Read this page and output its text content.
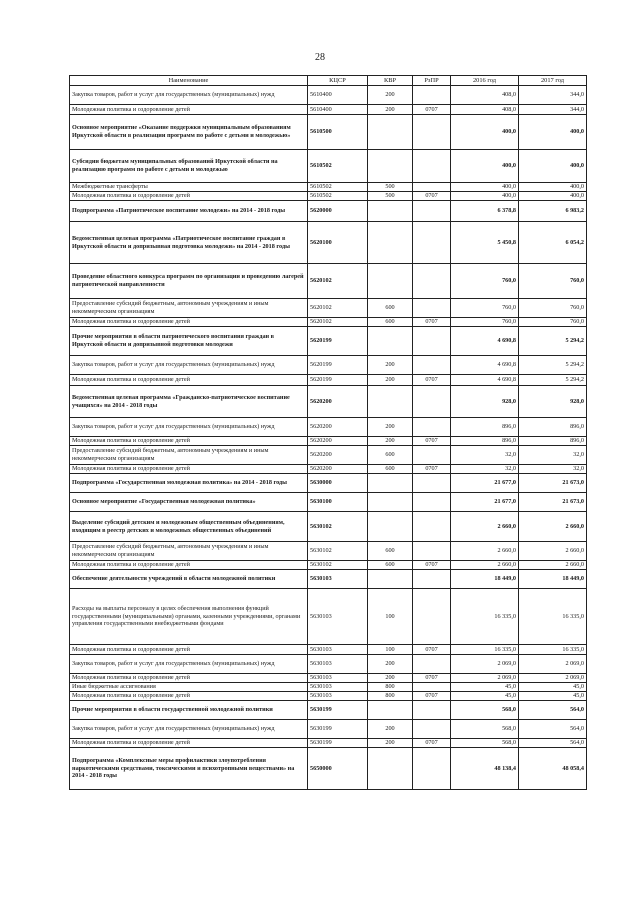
28
Наименование	КЦСР	КВР	РзПР	2016 год	2017 год
Закупка товаров, работ и услуг для государственных (муниципальных) нужд	5610400	200		408,0	344,0
Молодежная политика и оздоровление детей	5610400	200	0707	408,0	344,0
Основное мероприятие «Оказание поддержки муниципальным образованиям Иркутской области в реализации программ по работе с детьми и молодежью»	5610500			400,0	400,0
Субсидии бюджетам муниципальных образований Иркутской области на реализацию программ по работе с детьми и молодежью	5610502			400,0	400,0
Межбюджетные трансферты	5610502	500		400,0	400,0
Молодежная политика и оздоровление детей	5610502	500	0707	400,0	400,0
Подпрограмма «Патриотическое воспитание молодежи» на 2014 - 2018 годы	5620000			6 378,8	6 983,2
Ведомственная целевая программа «Патриотическое воспитание граждан в Иркутской области и допризывная подготовка молодежи» на 2014 - 2018 годы	5620100			5 450,8	6 054,2
Проведение областного конкурса программ по организации и проведению лагерей патриотической направленности	5620102			760,0	760,0
Предоставление субсидий бюджетным, автономным учреждениям и иным некоммерческим организациям	5620102	600		760,0	760,0
Молодежная политика и оздоровление детей	5620102	600	0707	760,0	760,0
Прочие мероприятия в области патриотического воспитания граждан в Иркутской области и допризывной подготовки молодежи	5620199			4 690,8	5 294,2
Закупка товаров, работ и услуг для государственных (муниципальных) нужд	5620199	200		4 690,8	5 294,2
Молодежная политика и оздоровление детей	5620199	200	0707	4 690,8	5 294,2
Ведомственная целевая программа «Гражданско-патриотическое воспитание учащихся» на 2014 - 2018 годы	5620200			928,0	928,0
Закупка товаров, работ и услуг для государственных (муниципальных) нужд	5620200	200		896,0	896,0
Молодежная политика и оздоровление детей	5620200	200	0707	896,0	896,0
Предоставление субсидий бюджетным, автономным учреждениям и иным некоммерческим организациям	5620200	600		32,0	32,0
Молодежная политика и оздоровление детей	5620200	600	0707	32,0	32,0
Подпрограмма «Государственная молодежная политика» на 2014 - 2018 годы	5630000			21 677,0	21 673,0
Основное мероприятие «Государственная молодежная политика»	5630100			21 677,0	21 673,0
Выделение субсидий детским и молодежным общественным объединениям, входящим в реестр детских и молодежных общественных объединений	5630102			2 660,0	2 660,0
Предоставление субсидий бюджетным, автономным учреждениям и иным некоммерческим организациям	5630102	600		2 660,0	2 660,0
Молодежная политика и оздоровление детей	5630102	600	0707	2 660,0	2 660,0
Обеспечение деятельности учреждений в области молодежной политики	5630103			18 449,0	18 449,0
Расходы на выплаты персоналу в целях обеспечения выполнения функций государственными (муниципальными) органами, казенными учреждениями, органами управления государственными внебюджетными фондами	5630103	100		16 335,0	16 335,0
Молодежная политика и оздоровление детей	5630103	100	0707	16 335,0	16 335,0
Закупка товаров, работ и услуг для государственных (муниципальных) нужд	5630103	200		2 069,0	2 069,0
Молодежная политика и оздоровление детей	5630103	200	0707	2 069,0	2 069,0
Иные бюджетные ассигнования	5630103	800		45,0	45,0
Молодежная политика и оздоровление детей	5630103	800	0707	45,0	45,0
Прочие мероприятия в области государственной молодежной политики	5630199			568,0	564,0
Закупка товаров, работ и услуг для государственных (муниципальных) нужд	5630199	200		568,0	564,0
Молодежная политика и оздоровление детей	5630199	200	0707	568,0	564,0
Подпрограмма «Комплексные меры профилактики злоупотребления наркотическими средствами, токсическими и психотропными веществами» на 2014 - 2018 годы	5650000			48 138,4	48 058,4
